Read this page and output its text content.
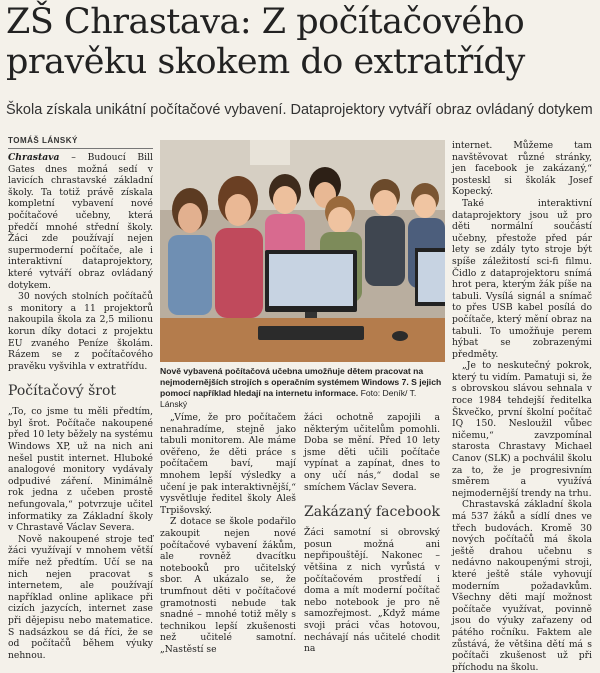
ZŠ Chrastava: Z počítačového pravěku skokem do extratřídy
Škola získala unikátní počítačové vybavení. Dataprojektory vytváří obraz ovládaný dotykem
TOMÁŠ LÁNSKÝ

Chrastava – Budoucí Bill Gates dnes možná sedí v lavicích chrastavské základní školy. Ta totiž právě získala kompletní vybavení nové počítačové učebny, která předčí mnohé střední školy. Žáci zde používají nejen supermoderní počítače, ale i interaktivní dataprojektory, které vytváří obraz ovládaný dotykem.

30 nových stolních počítačů s monitory a 11 projektorů nakoupila škola za 2,5 milionu korun díky dotaci z projektu EU zvaného Peníze školám. Rázem se z počítačového pravěku vyšvihla v extratřídu.

Počítačový šrot

„To, co jsme tu měli předtím, byl šrot. Počítače nakoupené před 10 lety běžely na systému Windows XP, už na nich ani nešel pustit internet. Hluboké analogové monitory vydávaly odpudivé záření. Minimálně rok jedna z učeben prostě nefungovala,“ potvrzuje učitel informatiky za Základní školy v Chrastavě Václav Severa.

Nově nakoupené stroje teď žáci využívají v mnohem větší míře než předtím. Učí se na nich nejen pracovat s internetem, ale používají například online aplikace při cizích jazycích, internet zase při dějepisu nebo matematice. S nadsázkou se dá říci, že se od počítačů během výuky nehnou.

Nově vybavená počítačová učebna umožňuje dětem pracovat na nejmodernějších strojích s operačním systémem Windows 7. S jejich pomocí například hledají na internetu informace. Foto: Deník/ T. Lánský

„Víme, že pro počítačem nenahradíme, stejně jako tabuli monitorem. Ale máme ověřeno, že děti práce s počítačem baví, mají mnohem lepší výsledky a učení je pak interaktivnější,“ vysvětluje ředitel školy Aleš Trpišovský.

Z dotace se škole podařilo zakoupit nejen nové počítačové vybavení žákům, ale rovněž dvacítku notebooků pro učitelský sbor. A ukázalo se, že trumfnout děti v počítačové gramotnosti nebude tak snadné – mnohé totiž měly s technikou lepší zkušenosti než učitelé samotní. „Nastěstí se

žáci ochotně zapojili a některým učitelům pomohli. Doba se mění. Před 10 lety jsme děti učili počítače vypínat a zapínat, dnes to ony učí nás,“ dodal se smíchem Václav Severa.

Zakázaný facebook

Žáci samotní si obrovský posun možná ani nepřipouštějí. Nakonec – většina z nich vyrůstá v počítačovém prostředí i doma a mít moderní počítač nebo notebook je pro ně samozřejmost. „Když máme svoji práci včas hotovou, nechávají nás učitelé chodit na

internet. Můžeme tam navštěvovat různé stránky, jen facebook je zakázaný,“ posteskl si školák Josef Kopecký.

Také interaktivní dataprojektory jsou už pro děti normální součástí učebny, přestože před pár lety se zdály tyto stroje být spíše záležitostí sci-fi filmu. Čidlo z dataprojektoru snímá hrot pera, kterým žák píše na tabuli. Vysílá signál a snímač to přes USB kabel posílá do počítače, který mění obraz na tabuli. To umožňuje perem hýbat se zobrazenými předměty.

„Je to neskutečný pokrok, který tu vidím. Pamatuji si, že s obrovskou slávou sehnala v roce 1984 tehdejší ředitelka Škvečko, první školní počítač IQ 150. Nesloužil vůbec ničemu,“ zavzpomínal starosta Chrastavy Michael Canov (SLK) a pochválil školu za to, že je progresivním směrem a využívá nejmodernější trendy na trhu.

Chrastavská základní škola má 537 žáků a sídlí dnes ve třech budovách. Kromě 30 nových počítačů má škola ještě drahou učebnu s nedávno nakoupenými stroji, které ještě stále vyhovují moderním požadavkům. Všechny děti mají možnost počítače využívat, povinně jsou do výuky zařazeny od pátého ročníku. Faktem ale zůstává, že většina dětí má s počítači zkušenost už při příchodu na školu.
